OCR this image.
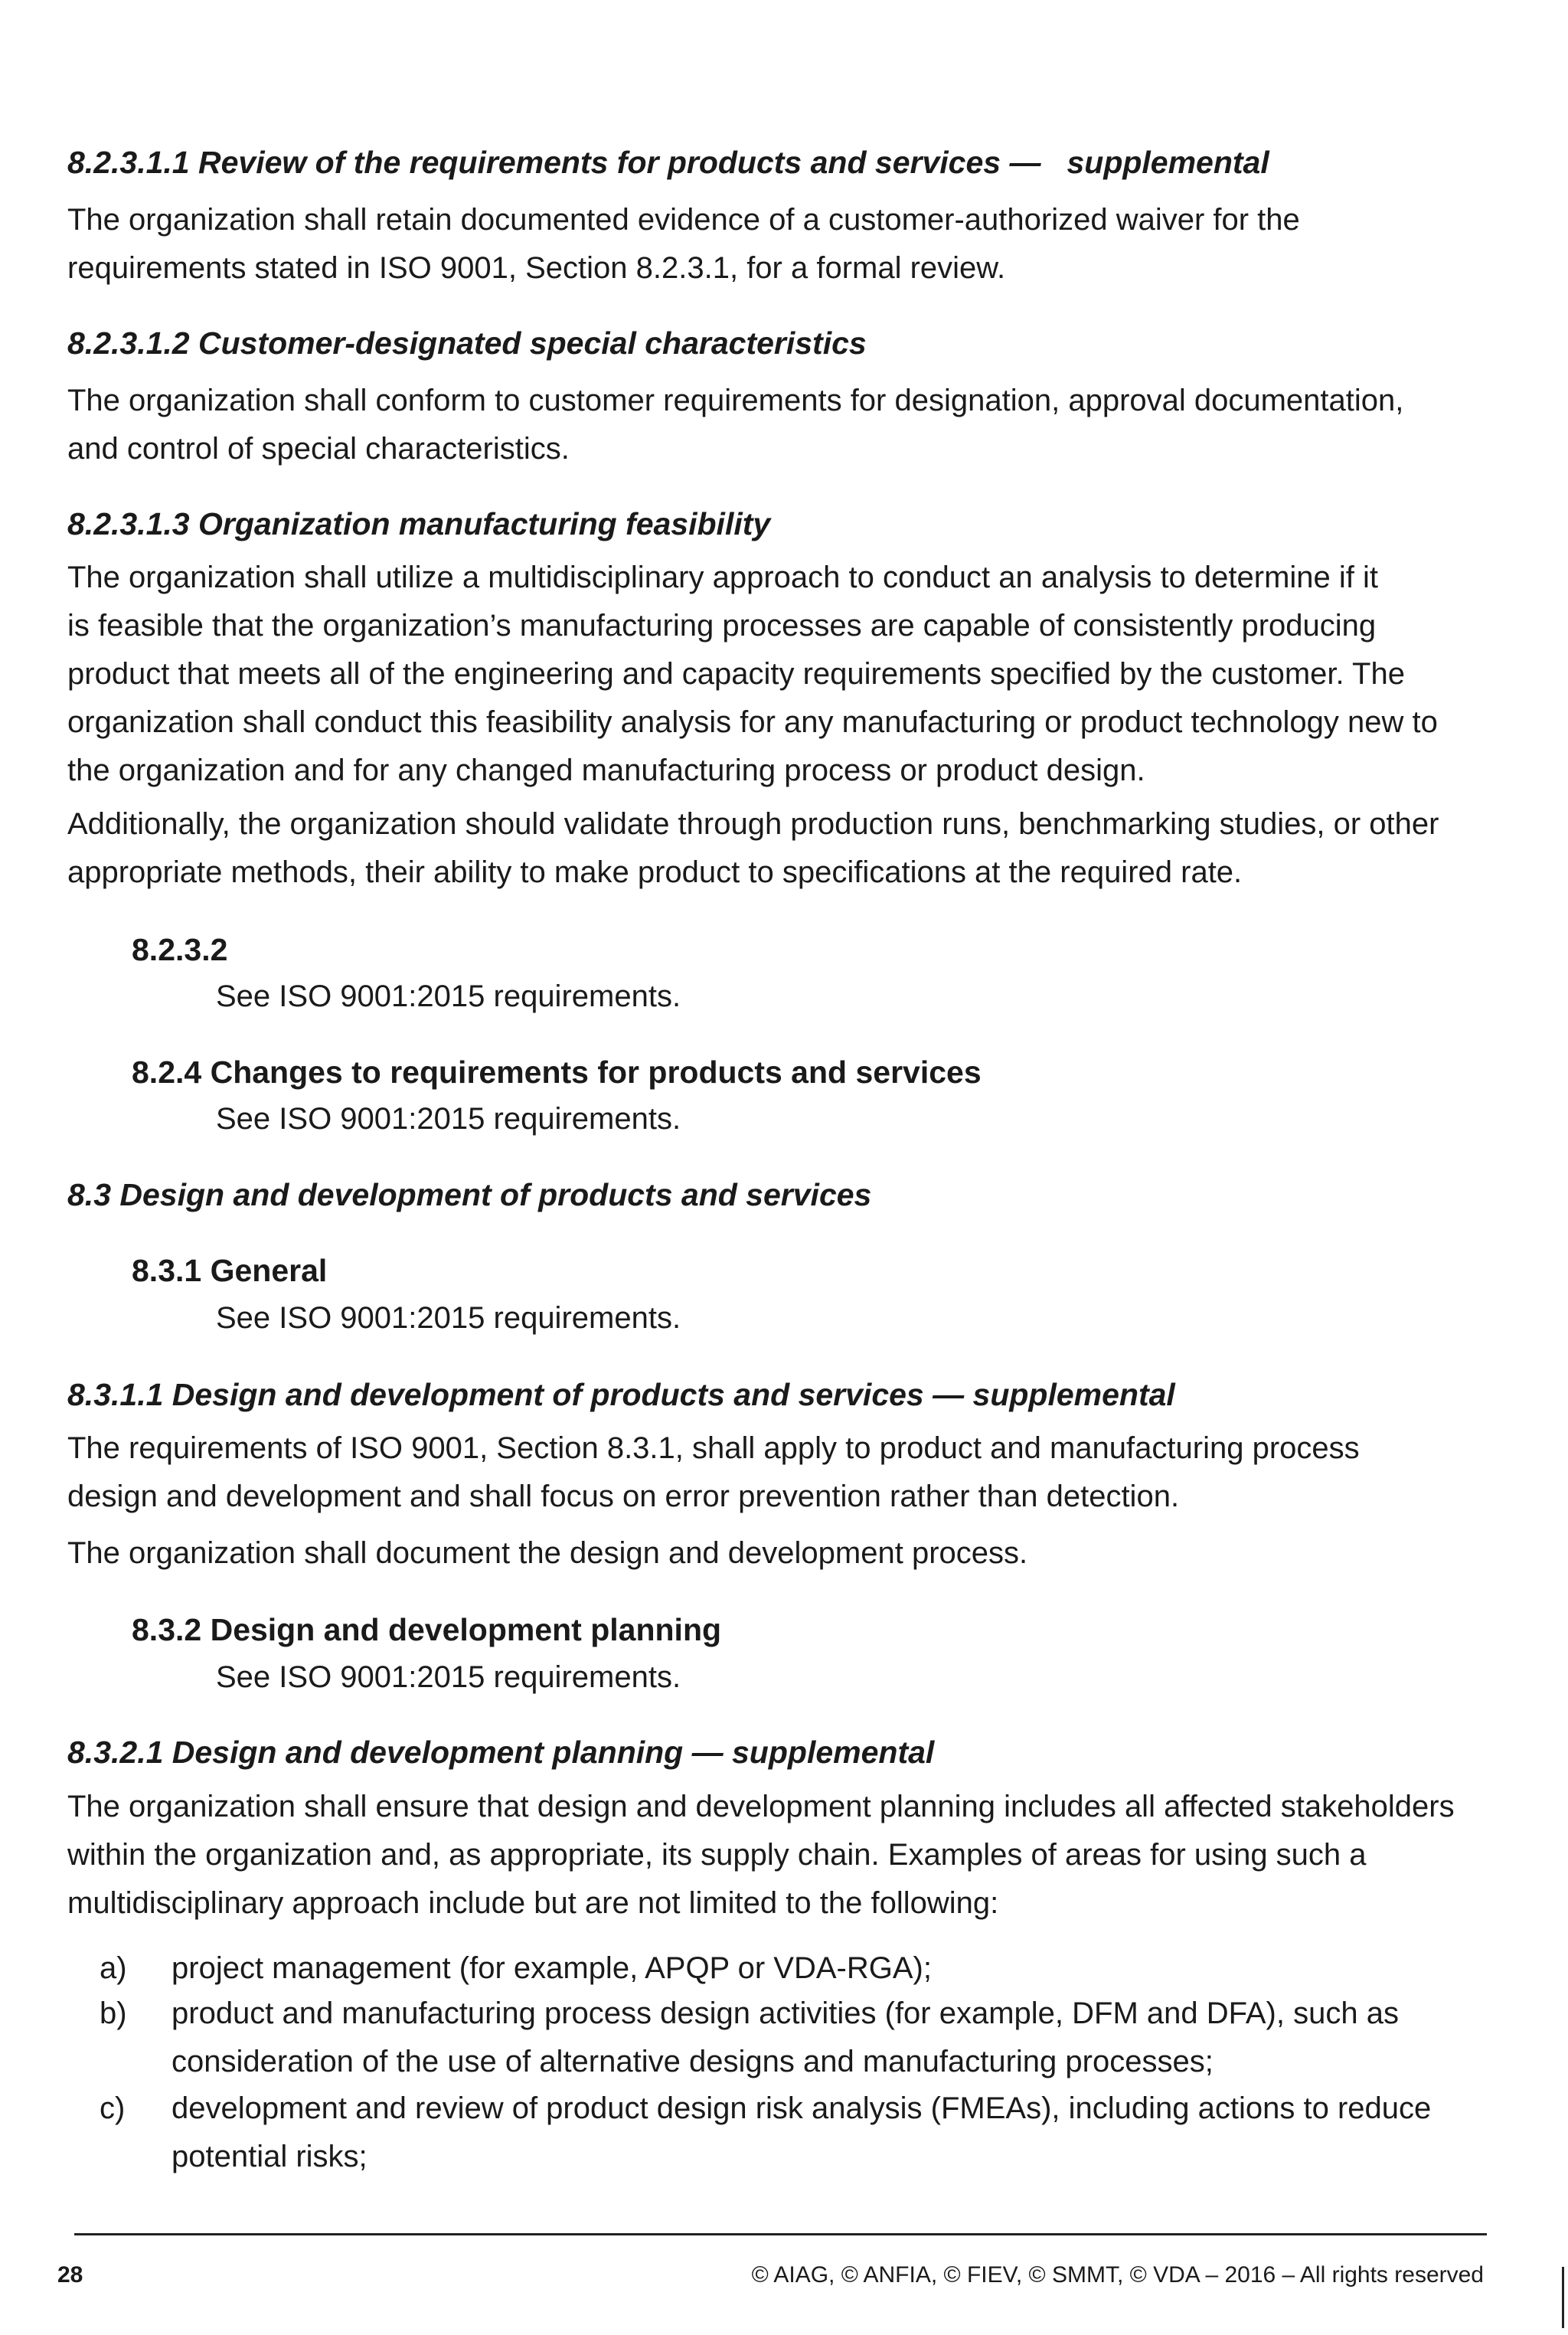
8.2.3.1.1 Review of the requirements for products and services — supplemental
The organization shall retain documented evidence of a customer-authorized waiver for the
requirements stated in ISO 9001, Section 8.2.3.1, for a formal review.
8.2.3.1.2 Customer-designated special characteristics
The organization shall conform to customer requirements for designation, approval documentation,
and control of special characteristics.
8.2.3.1.3 Organization manufacturing feasibility
The organization shall utilize a multidisciplinary approach to conduct an analysis to determine if it
is feasible that the organization’s manufacturing processes are capable of consistently producing
product that meets all of the engineering and capacity requirements specified by the customer. The
organization shall conduct this feasibility analysis for any manufacturing or product technology new to
the organization and for any changed manufacturing process or product design.
Additionally, the organization should validate through production runs, benchmarking studies, or other
appropriate methods, their ability to make product to specifications at the required rate.
8.2.3.2

See ISO 9001:2015 requirements.

8.2.4 Changes to requirements for products and services

See ISO 9001:2015 requirements.

8.3 Design and development of products and services
8.3.1 General

See ISO 9001:2015 requirements.

8.3.1.1 Design and development of products and services — supplemental
The requirements of ISO 9001, Section 8.3.1, shall apply to product and manufacturing process
design and development and shall focus on error prevention rather than detection.
The organization shall document the design and development process.
8.3.2 Design and development planning

See ISO 9001:2015 requirements.

8.3.2.1 Design and development planning — supplemental
The organization shall ensure that design and development planning includes all affected stakeholders
within the organization and, as appropriate, its supply chain. Examples of areas for using such a
multidisciplinary approach include but are not limited to the following:

a) project management (for example, APQP or VDA-RGA);

b) product and manufacturing process design activities (for example, DFM and DFA), such as
consideration of the use of alternative designs and manufacturing processes;

c) development and review of product design risk analysis (FMEAs), including actions to reduce
potential risks;

28	© AIAG, © ANFIA, © FIEV, © SMMT, © VDA – 2016 – All rights reserved
